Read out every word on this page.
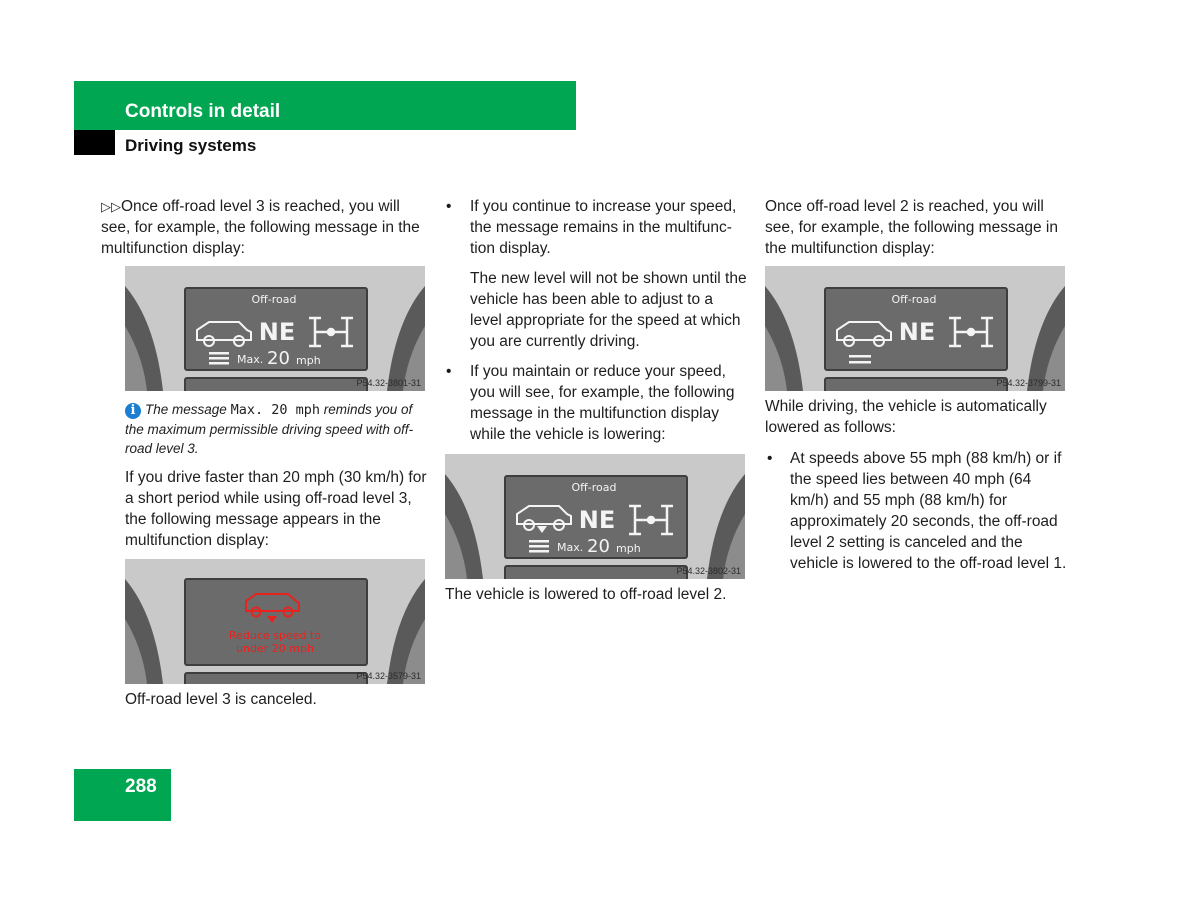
Controls in detail
Driving systems

▷▷Once off-road level 3 is reached, you will see, for example, the following message in the multifunction display:

Off-road
NE
Max. 20 mph
P54.32-3801-31
i The message Max. 20 mph reminds you of the maximum permissible driving speed with off-road level 3.
If you drive faster than 20 mph (30 km/h) for a short period while using off-road level 3, the following message appears in the multifunction display:
Reduce speed to
under 20 mph
P54.32-3579-31
Off-road level 3 is canceled.
• If you continue to increase your speed, the message remains in the multifunc-tion display.
The new level will not be shown until the vehicle has been able to adjust to a level appropriate for the speed at which you are currently driving.
• If you maintain or reduce your speed, you will see, for example, the following message in the multifunction display while the vehicle is lowering:
Off-road
NE
Max. 20 mph
P54.32-3802-31
The vehicle is lowered to off-road level 2.
Once off-road level 2 is reached, you will see, for example, the following message in the multifunction display:
Off-road
NE
P54.32-3799-31
While driving, the vehicle is automatically lowered as follows:
• At speeds above 55 mph (88 km/h) or if the speed lies between 40 mph (64 km/h) and 55 mph (88 km/h) for approximately 20 seconds, the off-road level 2 setting is canceled and the vehicle is lowered to the off-road level 1.
288
